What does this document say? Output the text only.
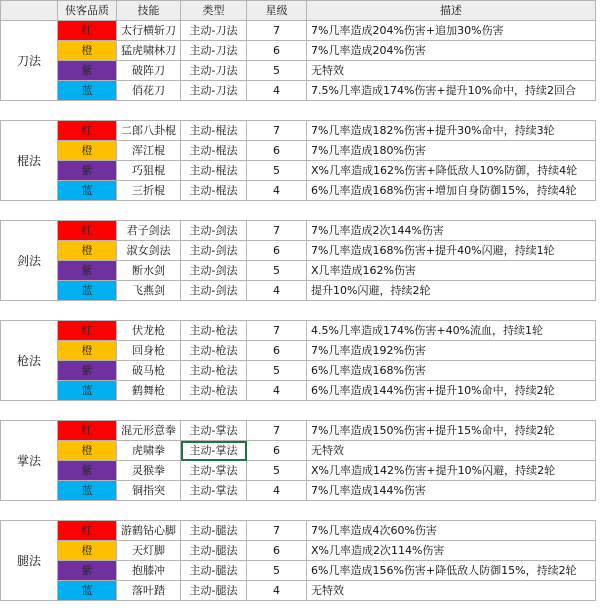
	侠客品质	技能	类型	星级	描述
刀法	红	太行横斩刀	主动-刀法	7	7%几率造成204%伤害+追加30%伤害
	橙	猛虎啸林刀	主动-刀法	6	7%几率造成204%伤害
	紫	破阵刀	主动-刀法	5	无特效
	蓝	俏花刀	主动-刀法	4	7.5%几率造成174%伤害+提升10%命中，持续2回合

棍法	红	二郎八卦棍	主动-棍法	7	7%几率造成182%伤害+提升30%命中，持续3轮
	橙	浑江棍	主动-棍法	6	7%几率造成180%伤害
	紫	巧狙棍	主动-棍法	5	X%几率造成162%伤害+降低敌人10%防御，持续4轮
	蓝	三折棍	主动-棍法	4	6%几率造成168%伤害+增加自身防御15%，持续4轮

剑法	红	君子剑法	主动-剑法	7	7%几率造成2次144%伤害
	橙	淑女剑法	主动-剑法	6	7%几率造成168%伤害+提升40%闪避，持续1轮
	紫	断水剑	主动-剑法	5	X几率造成162%伤害
	蓝	飞燕剑	主动-剑法	4	提升10%闪避，持续2轮

枪法	红	伏龙枪	主动-枪法	7	4.5%几率造成174%伤害+40%流血，持续1轮
	橙	回身枪	主动-枪法	6	7%几率造成192%伤害
	紫	破马枪	主动-枪法	5	6%几率造成168%伤害
	蓝	鹤舞枪	主动-枪法	4	6%几率造成144%伤害+提升10%命中，持续2轮

掌法	红	混元形意拳	主动-掌法	7	7%几率造成150%伤害+提升15%命中，持续2轮
	橙	虎啸拳	主动-掌法	6	无特效
	紫	灵猴拳	主动-掌法	5	X%几率造成142%伤害+提升10%闪避，持续2轮
	蓝	铜指突	主动-掌法	4	7%几率造成144%伤害

腿法	红	游鹤钻心脚	主动-腿法	7	7%几率造成4次60%伤害
	橙	天灯脚	主动-腿法	6	X%几率造成2次114%伤害
	紫	抱膝冲	主动-腿法	5	6%几率造成156%伤害+降低敌人防御15%，持续2轮
	蓝	落叶踏	主动-腿法	4	无特效
